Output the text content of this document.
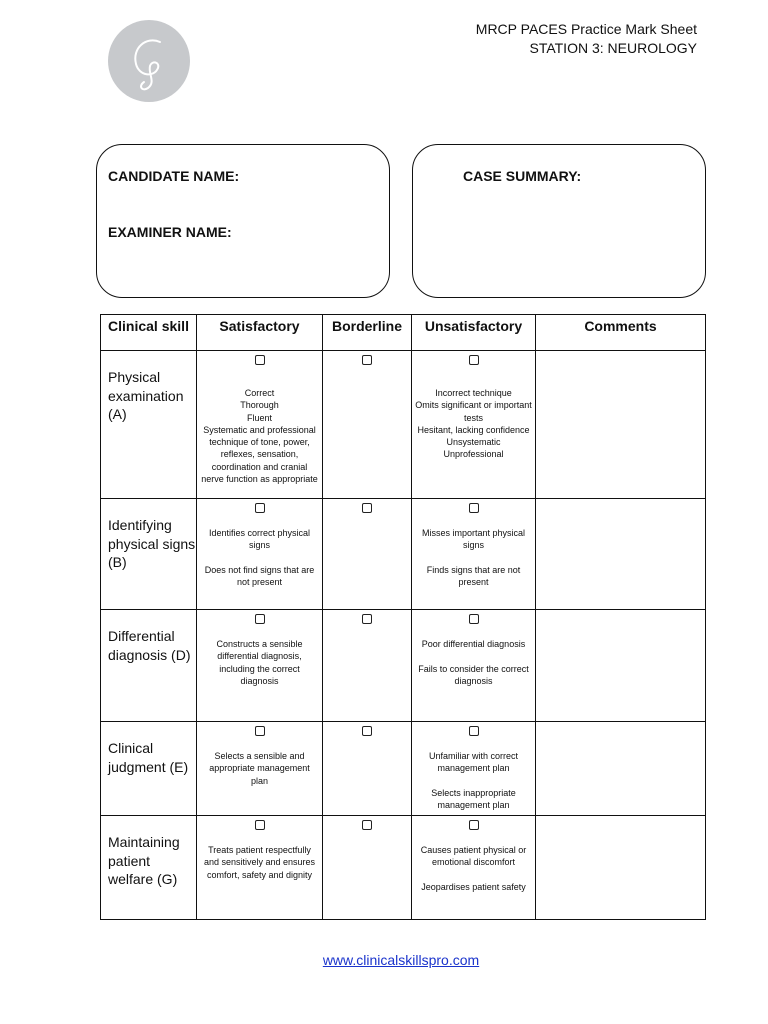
MRCP PACES Practice Mark Sheet
STATION 3: NEUROLOGY
CANDIDATE NAME:
EXAMINER NAME:
CASE SUMMARY:
Clinical skill	Satisfactory	Borderline	Unsatisfactory	Comments
Physical examination (A)	Correct
Thorough
Fluent
Systematic and professional technique of tone, power, reflexes, sensation, coordination and cranial nerve function as appropriate		Incorrect technique
Omits significant or important tests
Hesitant, lacking confidence
Unsystematic
Unprofessional	

Identifying physical signs (B)	Identifies correct physical signs

Does not find signs that are not present		Misses important physical signs

Finds signs that are not present	

Differential diagnosis (D)	Constructs a sensible differential diagnosis, including the correct diagnosis		Poor differential diagnosis

Fails to consider the correct diagnosis	

Clinical judgment (E)	Selects a sensible and appropriate management plan		Unfamiliar with correct management plan

Selects inappropriate management plan	

Maintaining patient welfare (G)	Treats patient respectfully and sensitively and ensures comfort, safety and dignity		Causes patient physical or emotional discomfort

Jeopardises patient safety	

www.clinicalskillspro.com
